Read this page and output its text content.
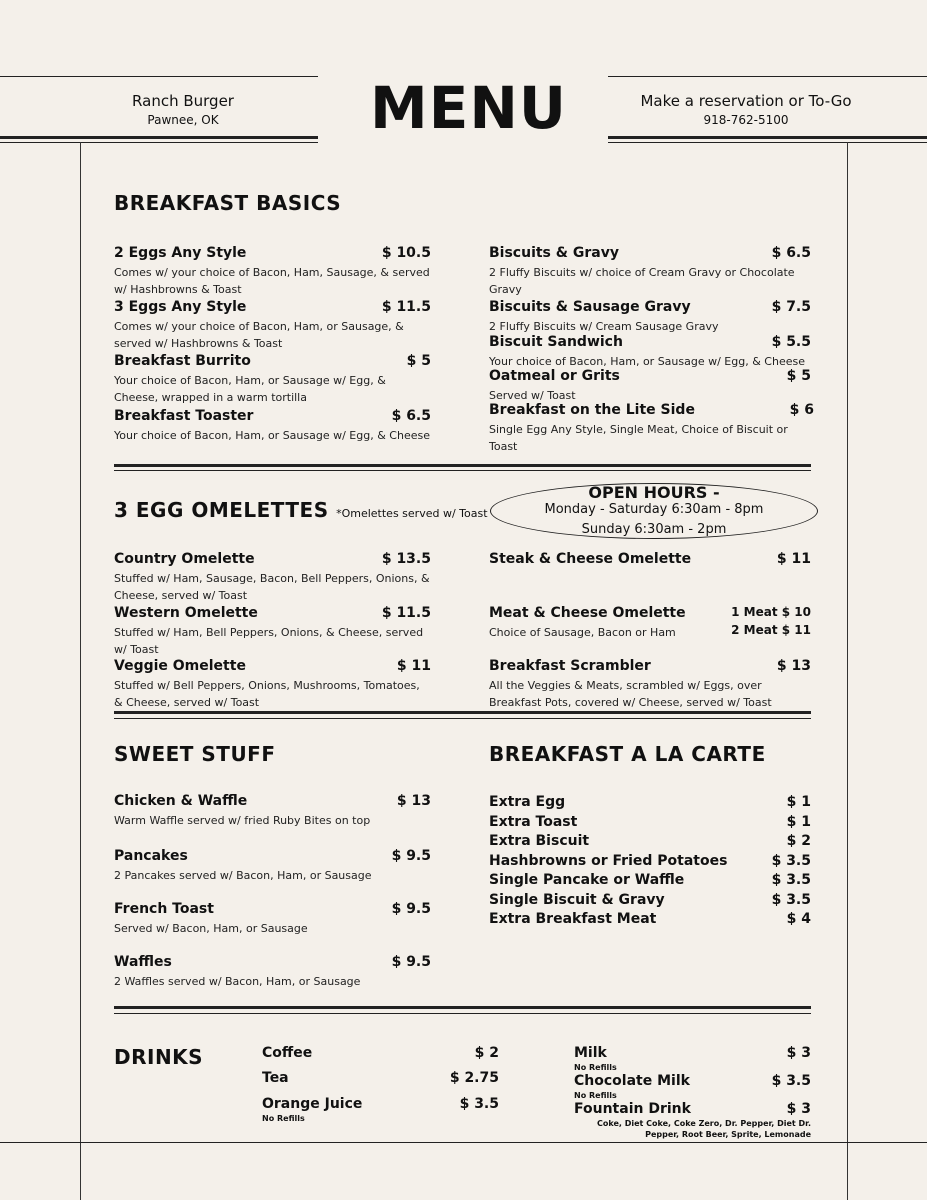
Ranch Burger
Pawnee, OK	MENU	Make a reservation or To-Go
918-762-5100
BREAKFAST BASICS
2 Eggs Any Style	$ 10.5
Comes w/ your choice of Bacon, Ham, Sausage, & served w/ Hashbrowns & Toast
3 Eggs Any Style	$ 11.5
Comes w/ your choice of Bacon, Ham, or Sausage, & served w/ Hashbrowns & Toast
Breakfast Burrito	$ 5
Your choice of Bacon, Ham, or Sausage w/ Egg, & Cheese, wrapped in a warm tortilla
Breakfast Toaster	$ 6.5
Your choice of Bacon, Ham, or Sausage w/ Egg, & Cheese
Biscuits & Gravy	$ 6.5
2 Fluffy Biscuits w/ choice of Cream Gravy or Chocolate Gravy
Biscuits & Sausage Gravy	$ 7.5
2 Fluffy Biscuits w/ Cream Sausage Gravy
Biscuit Sandwich	$ 5.5
Your choice of Bacon, Ham, or Sausage w/ Egg, & Cheese
Oatmeal or Grits	$ 5
Served w/ Toast
Breakfast on the Lite Side	$ 6
Single Egg Any Style, Single Meat, Choice of Biscuit or Toast
3 EGG OMELETTES *Omelettes served w/ Toast
OPEN HOURS -
Monday - Saturday 6:30am - 8pm
Sunday 6:30am - 2pm
Country Omelette	$ 13.5
Stuffed w/ Ham, Sausage, Bacon, Bell Peppers, Onions, & Cheese, served w/ Toast
Western Omelette	$ 11.5
Stuffed w/ Ham, Bell Peppers, Onions, & Cheese, served w/ Toast
Veggie Omelette	$ 11
Stuffed w/ Bell Peppers, Onions, Mushrooms, Tomatoes, & Cheese, served w/ Toast
Steak & Cheese Omelette	$ 11
Meat & Cheese Omelette	1 Meat $ 10
2 Meat $ 11
Choice of Sausage, Bacon or Ham
Breakfast Scrambler	$ 13
All the Veggies & Meats, scrambled w/ Eggs, over Breakfast Pots, covered w/ Cheese, served w/ Toast
SWEET STUFF
Chicken & Waffle	$ 13
Warm Waffle served w/ fried Ruby Bites on top
Pancakes	$ 9.5
2 Pancakes served w/ Bacon, Ham, or Sausage
French Toast	$ 9.5
Served w/ Bacon, Ham, or Sausage
Waffles	$ 9.5
2 Waffles served w/ Bacon, Ham, or Sausage
BREAKFAST A LA CARTE
Extra Egg	$ 1
Extra Toast	$ 1
Extra Biscuit	$ 2
Hashbrowns or Fried Potatoes	$ 3.5
Single Pancake or Waffle	$ 3.5
Single Biscuit & Gravy	$ 3.5
Extra Breakfast Meat	$ 4
DRINKS	Coffee	$ 2
Tea	$ 2.75
Orange Juice	$ 3.5
No Refills
Milk	$ 3
No Refills
Chocolate Milk	$ 3.5
No Refills
Fountain Drink	$ 3
Coke, Diet Coke, Coke Zero, Dr. Pepper, Diet Dr. Pepper, Root Beer, Sprite, Lemonade
